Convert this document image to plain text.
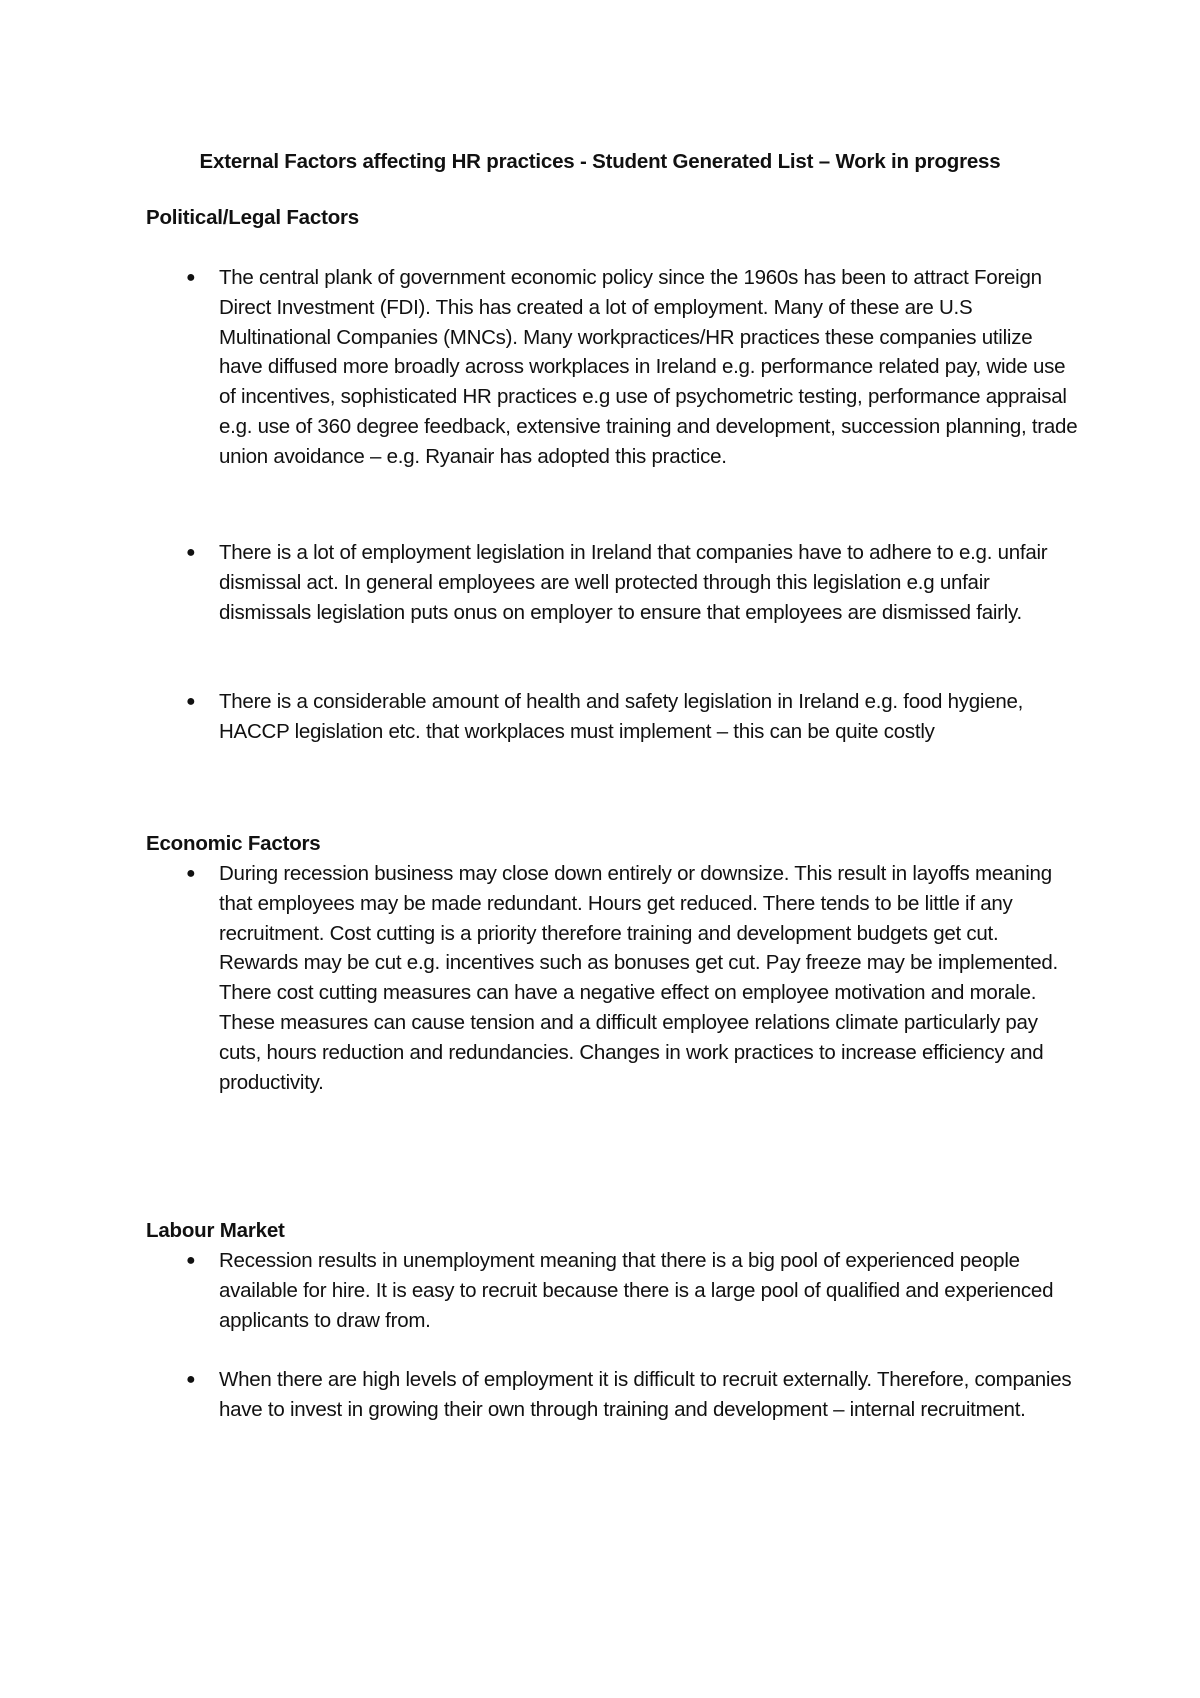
External Factors affecting HR practices - Student Generated List – Work in progress
Political/Legal Factors
● The central plank of government economic policy since the 1960s has been to attract Foreign Direct Investment (FDI). This has created a lot of employment. Many of these are U.S Multinational Companies (MNCs). Many workpractices/HR practices these companies utilize have diffused more broadly across workplaces in Ireland e.g. performance related pay, wide use of incentives, sophisticated HR practices e.g use of psychometric testing, performance appraisal e.g. use of 360 degree feedback, extensive training and development, succession planning, trade union avoidance – e.g. Ryanair has adopted this practice.
● There is a lot of employment legislation in Ireland that companies have to adhere to e.g. unfair dismissal act. In general employees are well protected through this legislation e.g unfair dismissals legislation puts onus on employer to ensure that employees are dismissed fairly.
● There is a considerable amount of health and safety legislation in Ireland e.g. food hygiene, HACCP legislation etc. that workplaces must implement – this can be quite costly
Economic Factors
● During recession business may close down entirely or downsize. This result in layoffs meaning that employees may be made redundant. Hours get reduced. There tends to be little if any recruitment. Cost cutting is a priority therefore training and development budgets get cut. Rewards may be cut e.g. incentives such as bonuses get cut. Pay freeze may be implemented. There cost cutting measures can have a negative effect on employee motivation and morale. These measures can cause tension and a difficult employee relations climate particularly pay cuts, hours reduction and redundancies. Changes in work practices to increase efficiency and productivity.
Labour Market
● Recession results in unemployment meaning that there is a big pool of experienced people available for hire. It is easy to recruit because there is a large pool of qualified and experienced applicants to draw from.
● When there are high levels of employment it is difficult to recruit externally. Therefore, companies have to invest in growing their own through training and development – internal recruitment.
